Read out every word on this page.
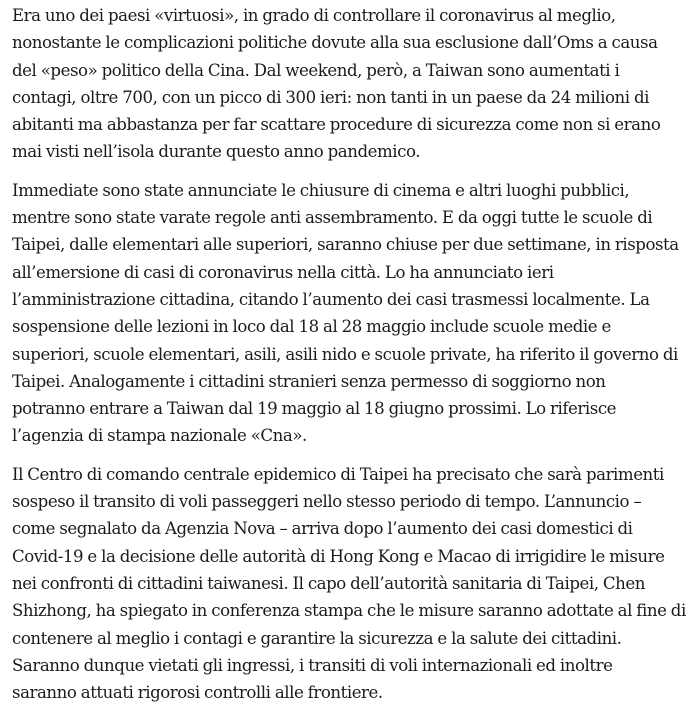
Era uno dei paesi «virtuosi», in grado di controllare il coronavirus al meglio,
nonostante le complicazioni politiche dovute alla sua esclusione dall’Oms a causa
del «peso» politico della Cina. Dal weekend, però, a Taiwan sono aumentati i
contagi, oltre 700, con un picco di 300 ieri: non tanti in un paese da 24 milioni di
abitanti ma abbastanza per far scattare procedure di sicurezza come non si erano
mai visti nell’isola durante questo anno pandemico.

Immediate sono state annunciate le chiusure di cinema e altri luoghi pubblici,
mentre sono state varate regole anti assembramento. E da oggi tutte le scuole di
Taipei, dalle elementari alle superiori, saranno chiuse per due settimane, in risposta
all’emersione di casi di coronavirus nella città. Lo ha annunciato ieri
l’amministrazione cittadina, citando l’aumento dei casi trasmessi localmente. La
sospensione delle lezioni in loco dal 18 al 28 maggio include scuole medie e
superiori, scuole elementari, asili, asili nido e scuole private, ha riferito il governo di
Taipei. Analogamente i cittadini stranieri senza permesso di soggiorno non
potranno entrare a Taiwan dal 19 maggio al 18 giugno prossimi. Lo riferisce
l’agenzia di stampa nazionale «Cna».

Il Centro di comando centrale epidemico di Taipei ha precisato che sarà parimenti
sospeso il transito di voli passeggeri nello stesso periodo di tempo. L’annuncio –
come segnalato da Agenzia Nova – arriva dopo l’aumento dei casi domestici di
Covid-19 e la decisione delle autorità di Hong Kong e Macao di irrigidire le misure
nei confronti di cittadini taiwanesi. Il capo dell’autorità sanitaria di Taipei, Chen
Shizhong, ha spiegato in conferenza stampa che le misure saranno adottate al fine di
contenere al meglio i contagi e garantire la sicurezza e la salute dei cittadini.
Saranno dunque vietati gli ingressi, i transiti di voli internazionali ed inoltre
saranno attuati rigorosi controlli alle frontiere.
